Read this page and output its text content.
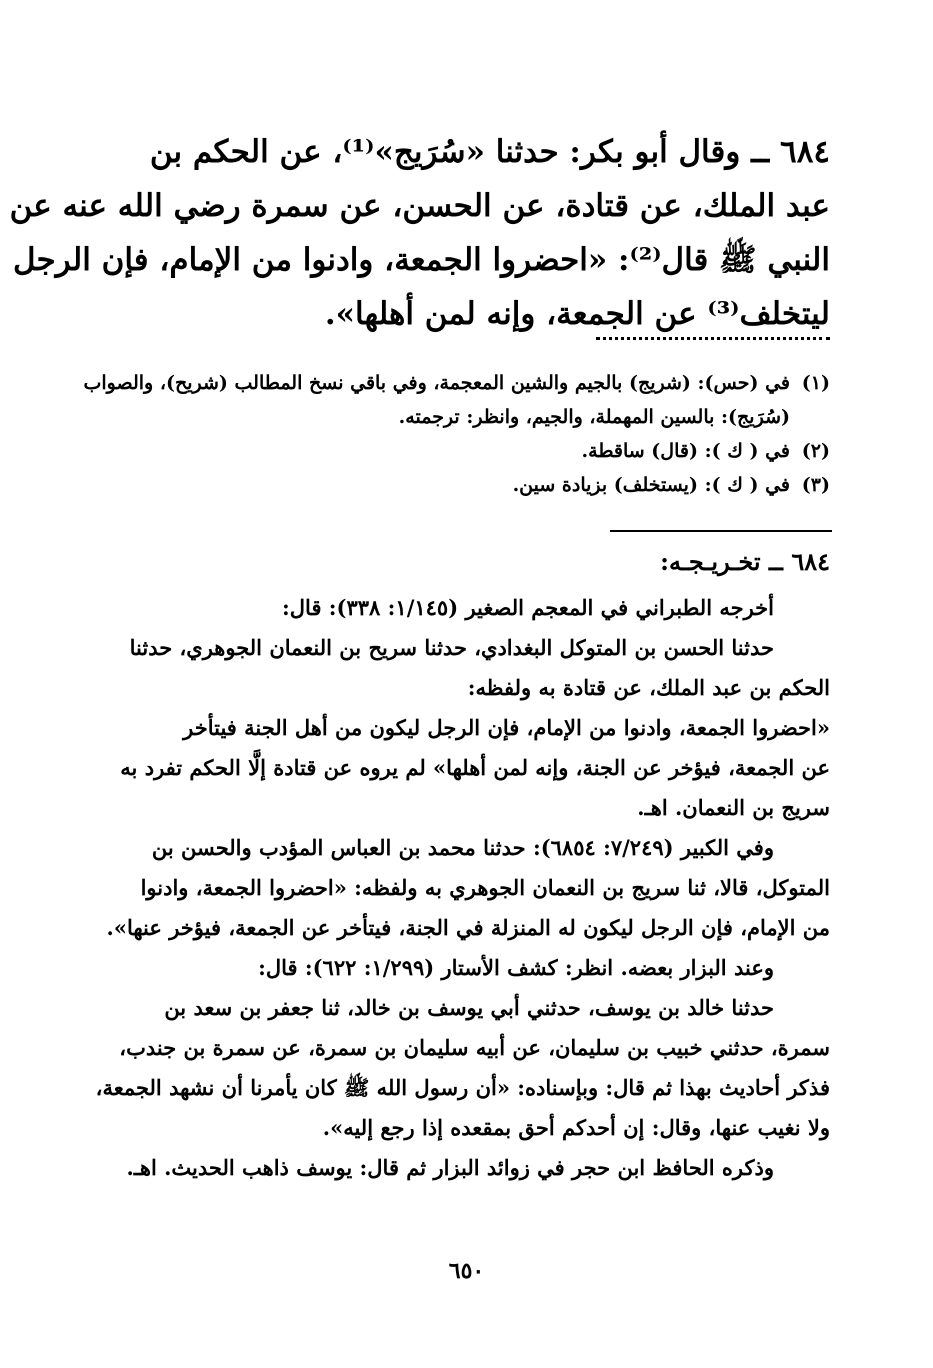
٦٨٤ ــ وقال أبو بكر: حدثنا «سُرَيج»⁽¹⁾، عن الحكم بن
عبد الملك، عن قتادة، عن الحسن، عن سمرة رضي الله عنه عن
النبي ﷺ قال⁽²⁾: «احضروا الجمعة، وادنوا من الإمام، فإن الرجل
ليتخلف⁽³⁾ عن الجمعة، وإنه لمن أهلها».
(١)في (حس): (شريج) بالجيم والشين المعجمة، وفي باقي نسخ المطالب (شريح)، والصواب
(سُرَيج): بالسين المهملة، والجيم، وانظر: ترجمته.
(٢)في ( ك ): (قال) ساقطة.
(٣)في ( ك ): (يستخلف) بزيادة سين.
٦٨٤ ــ تخـريـجـه:
أخرجه الطبراني في المعجم الصغير (١/١٤٥: ٣٣٨): قال:
حدثنا الحسن بن المتوكل البغدادي، حدثنا سريح بن النعمان الجوهري، حدثنا
الحكم بن عبد الملك، عن قتادة به ولفظه:
«احضروا الجمعة، وادنوا من الإمام، فإن الرجل ليكون من أهل الجنة فيتأخر
عن الجمعة، فيؤخر عن الجنة، وإنه لمن أهلها» لم يروه عن قتادة إلَّا الحكم تفرد به
سريج بن النعمان. اهـ.
وفي الكبير (٧/٢٤٩: ٦٨٥٤): حدثنا محمد بن العباس المؤدب والحسن بن
المتوكل، قالا، ثنا سريج بن النعمان الجوهري به ولفظه: «احضروا الجمعة، وادنوا
من الإمام، فإن الرجل ليكون له المنزلة في الجنة، فيتأخر عن الجمعة، فيؤخر عنها».
وعند البزار بعضه. انظر: كشف الأستار (١/٢٩٩: ٦٢٢): قال:
حدثنا خالد بن يوسف، حدثني أبي يوسف بن خالد، ثنا جعفر بن سعد بن
سمرة، حدثني خبيب بن سليمان، عن أبيه سليمان بن سمرة، عن سمرة بن جندب،
فذكر أحاديث بهذا ثم قال: وبإسناده: «أن رسول الله ﷺ كان يأمرنا أن نشهد الجمعة،
ولا نغيب عنها، وقال: إن أحدكم أحق بمقعده إذا رجع إليه».
وذكره الحافظ ابن حجر في زوائد البزار ثم قال: يوسف ذاهب الحديث. اهـ.
٦٥٠
